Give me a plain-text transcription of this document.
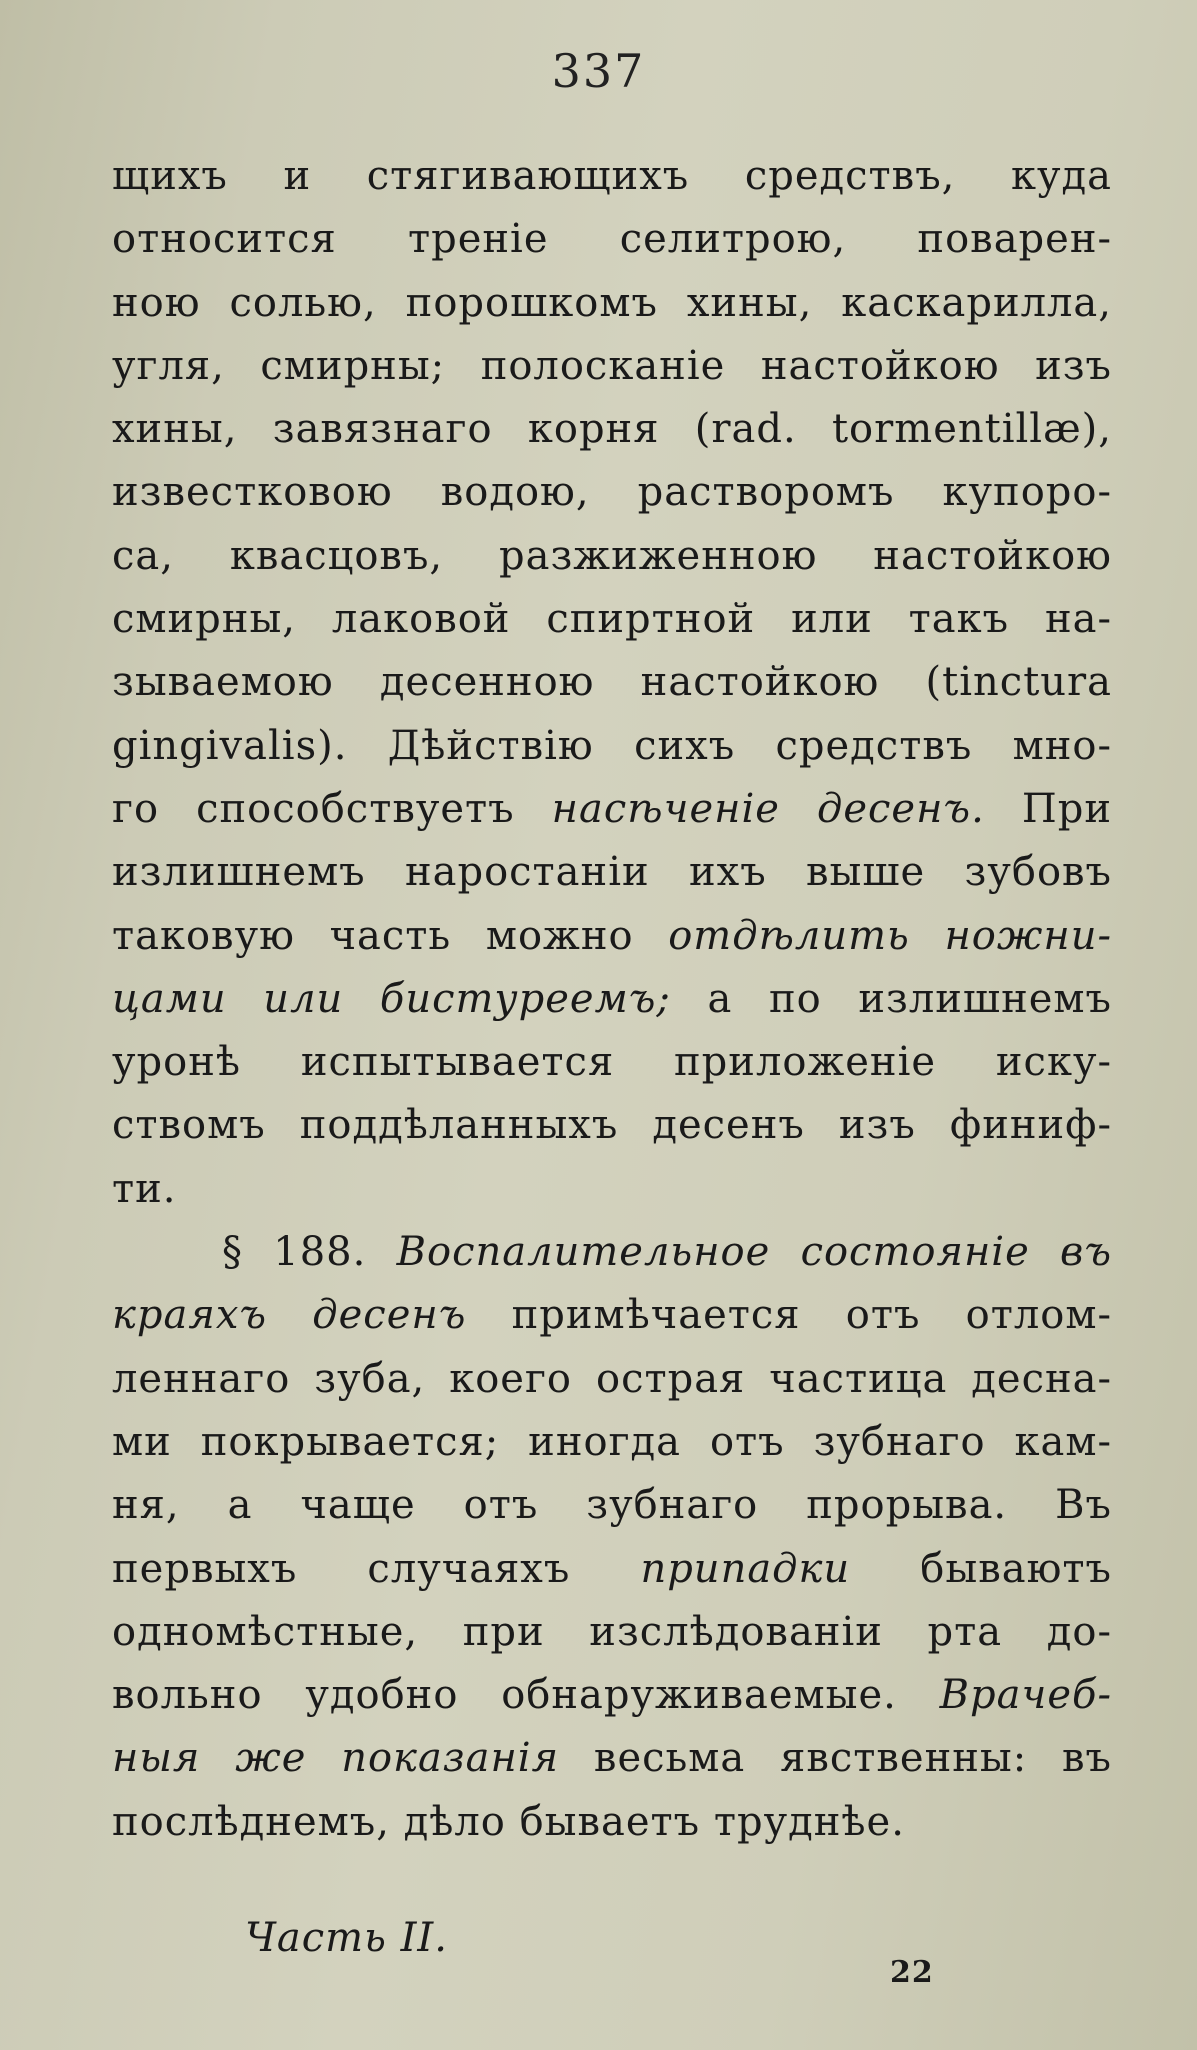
337
щихъ и стягивающихъ средствъ, куда
относится треніе селитрою, поварен-
ною солью, порошкомъ хины, каскарилла,
угля, смирны; полосканіе настойкою изъ
хины, завязнаго корня (rad. tormentillæ),
известковою водою, растворомъ купоро-
са, квасцовъ, разжиженною настойкою
смирны, лаковой спиртной или такъ на-
зываемою десенною настойкою (tinctura
gingivalis). Дѣйствію сихъ средствъ мно-
го способствуетъ насѣченіе десенъ. При
излишнемъ наростаніи ихъ выше зубовъ
таковую часть можно отдѣлить ножни-
цами или бистуреемъ; а по излишнемъ
уронѣ испытывается приложеніе иску-
ствомъ поддѣланныхъ десенъ изъ финиф-
ти.
§ 188. Воспалительное состояніе въ
краяхъ десенъ примѣчается отъ отлом-
леннаго зуба, коего острая частица десна-
ми покрывается; иногда отъ зубнаго кам-
ня, а чаще отъ зубнаго прорыва. Въ
первыхъ случаяхъ припадки бываютъ
одномѣстные, при изслѣдованіи рта до-
вольно удобно обнаруживаемые. Врачеб-
ныя же показанія весьма явственны: въ
послѣднемъ, дѣло бываетъ труднѣе.
Часть II.
22
